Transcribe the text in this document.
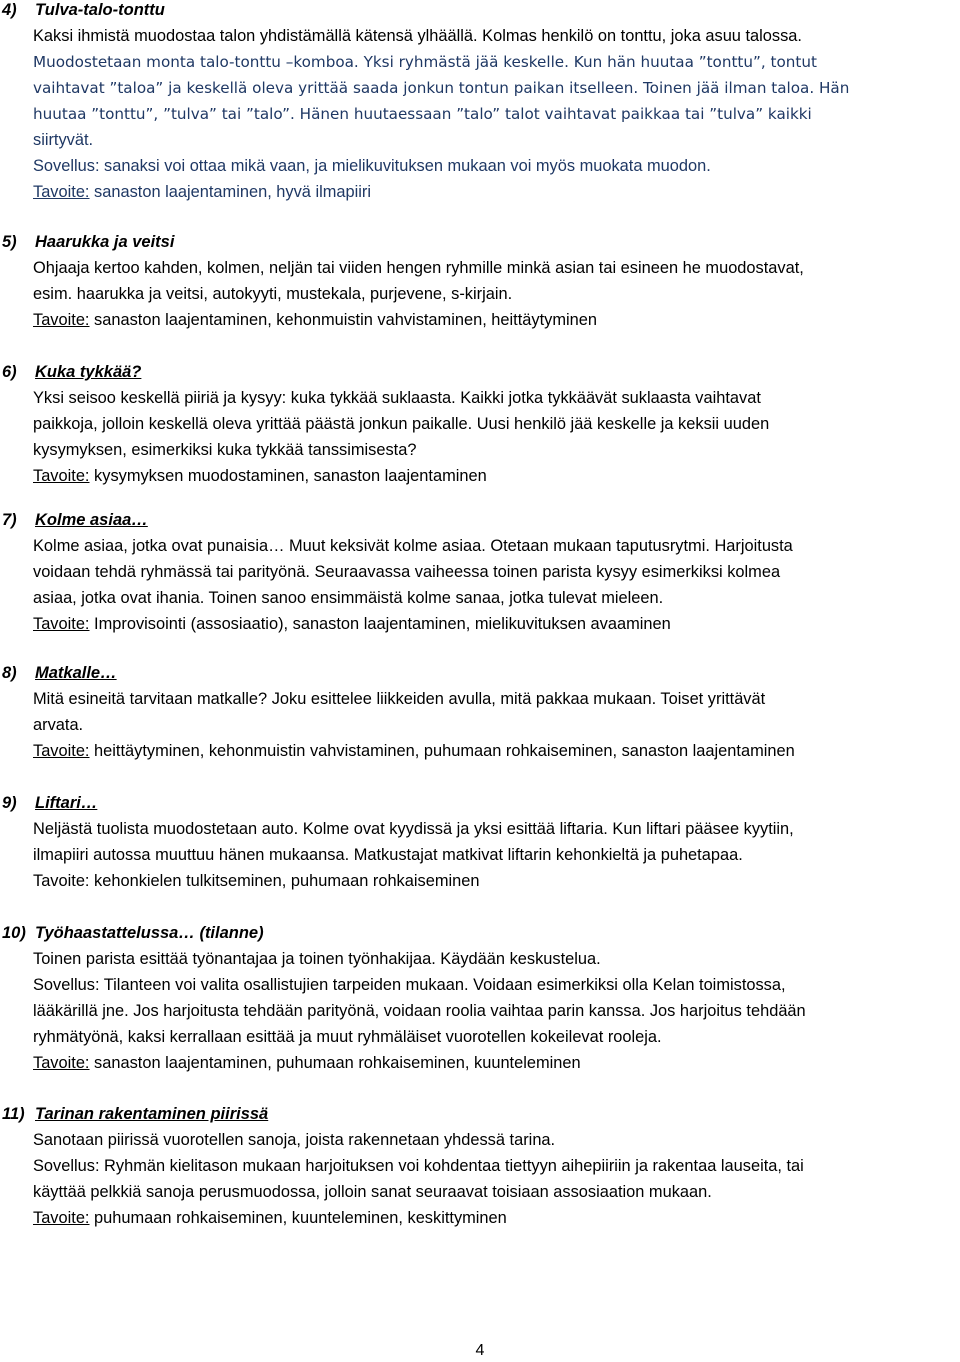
4) Tulva-talo-tonttu
Kaksi ihmistä muodostaa talon yhdistämällä kätensä ylhäällä. Kolmas henkilö on tonttu, joka asuu talossa.
Muodostetaan monta talo-tonttu –komboa. Yksi ryhmästä jää keskelle. Kun hän huutaa ”tonttu”, tontut
vaihtavat ”taloa” ja keskellä oleva yrittää saada jonkun tontun paikan itselleen. Toinen jää ilman taloa. Hän
huutaa ”tonttu”, ”tulva” tai ”talo”. Hänen huutaessaan ”talo” talot vaihtavat paikkaa tai ”tulva” kaikki
siirtyvät.
Sovellus: sanaksi voi ottaa mikä vaan, ja mielikuvituksen mukaan voi myös muokata muodon.
Tavoite: sanaston laajentaminen, hyvä ilmapiiri
5) Haarukka ja veitsi
Ohjaaja kertoo kahden, kolmen, neljän tai viiden hengen ryhmille minkä asian tai esineen he muodostavat,
esim. haarukka ja veitsi, autokyyti, mustekala, purjevene, s-kirjain.
Tavoite: sanaston laajentaminen, kehonmuistin vahvistaminen, heittäytyminen
6) Kuka tykkää?
Yksi seisoo keskellä piiriä ja kysyy: kuka tykkää suklaasta. Kaikki jotka tykkäävät suklaasta vaihtavat
paikkoja, jolloin keskellä oleva yrittää päästä jonkun paikalle. Uusi henkilö jää keskelle ja keksii uuden
kysymyksen, esimerkiksi kuka tykkää tanssimisesta?
Tavoite: kysymyksen muodostaminen, sanaston laajentaminen
7) Kolme asiaa…
Kolme asiaa, jotka ovat punaisia… Muut keksivät kolme asiaa. Otetaan mukaan taputusrytmi. Harjoitusta
voidaan tehdä ryhmässä tai parityönä. Seuraavassa vaiheessa toinen parista kysyy esimerkiksi kolmea
asiaa, jotka ovat ihania. Toinen sanoo ensimmäistä kolme sanaa, jotka tulevat mieleen.
Tavoite: Improvisointi (assosiaatio), sanaston laajentaminen, mielikuvituksen avaaminen
8) Matkalle…
Mitä esineitä tarvitaan matkalle? Joku esittelee liikkeiden avulla, mitä pakkaa mukaan. Toiset yrittävät
arvata.
Tavoite: heittäytyminen, kehonmuistin vahvistaminen, puhumaan rohkaiseminen, sanaston laajentaminen
9) Liftari…
Neljästä tuolista muodostetaan auto. Kolme ovat kyydissä ja yksi esittää liftaria. Kun liftari pääsee kyytiin,
ilmapiiri autossa muuttuu hänen mukaansa. Matkustajat matkivat liftarin kehonkieltä ja puhetapaa.
Tavoite: kehonkielen tulkitseminen, puhumaan rohkaiseminen
10) Työhaastattelussa… (tilanne)
Toinen parista esittää työnantajaa ja toinen työnhakijaa. Käydään keskustelua.
Sovellus: Tilanteen voi valita osallistujien tarpeiden mukaan. Voidaan esimerkiksi olla Kelan toimistossa,
lääkärillä jne. Jos harjoitusta tehdään parityönä, voidaan roolia vaihtaa parin kanssa. Jos harjoitus tehdään
ryhmätyönä, kaksi kerrallaan esittää ja muut ryhmäläiset vuorotellen kokeilevat rooleja.
Tavoite: sanaston laajentaminen, puhumaan rohkaiseminen, kuunteleminen
11) Tarinan rakentaminen piirissä
Sanotaan piirissä vuorotellen sanoja, joista rakennetaan yhdessä tarina.
Sovellus: Ryhmän kielitason mukaan harjoituksen voi kohdentaa tiettyyn aihepiiriin ja rakentaa lauseita, tai
käyttää pelkkiä sanoja perusmuodossa, jolloin sanat seuraavat toisiaan assosiaation mukaan.
Tavoite: puhumaan rohkaiseminen, kuunteleminen, keskittyminen
4
